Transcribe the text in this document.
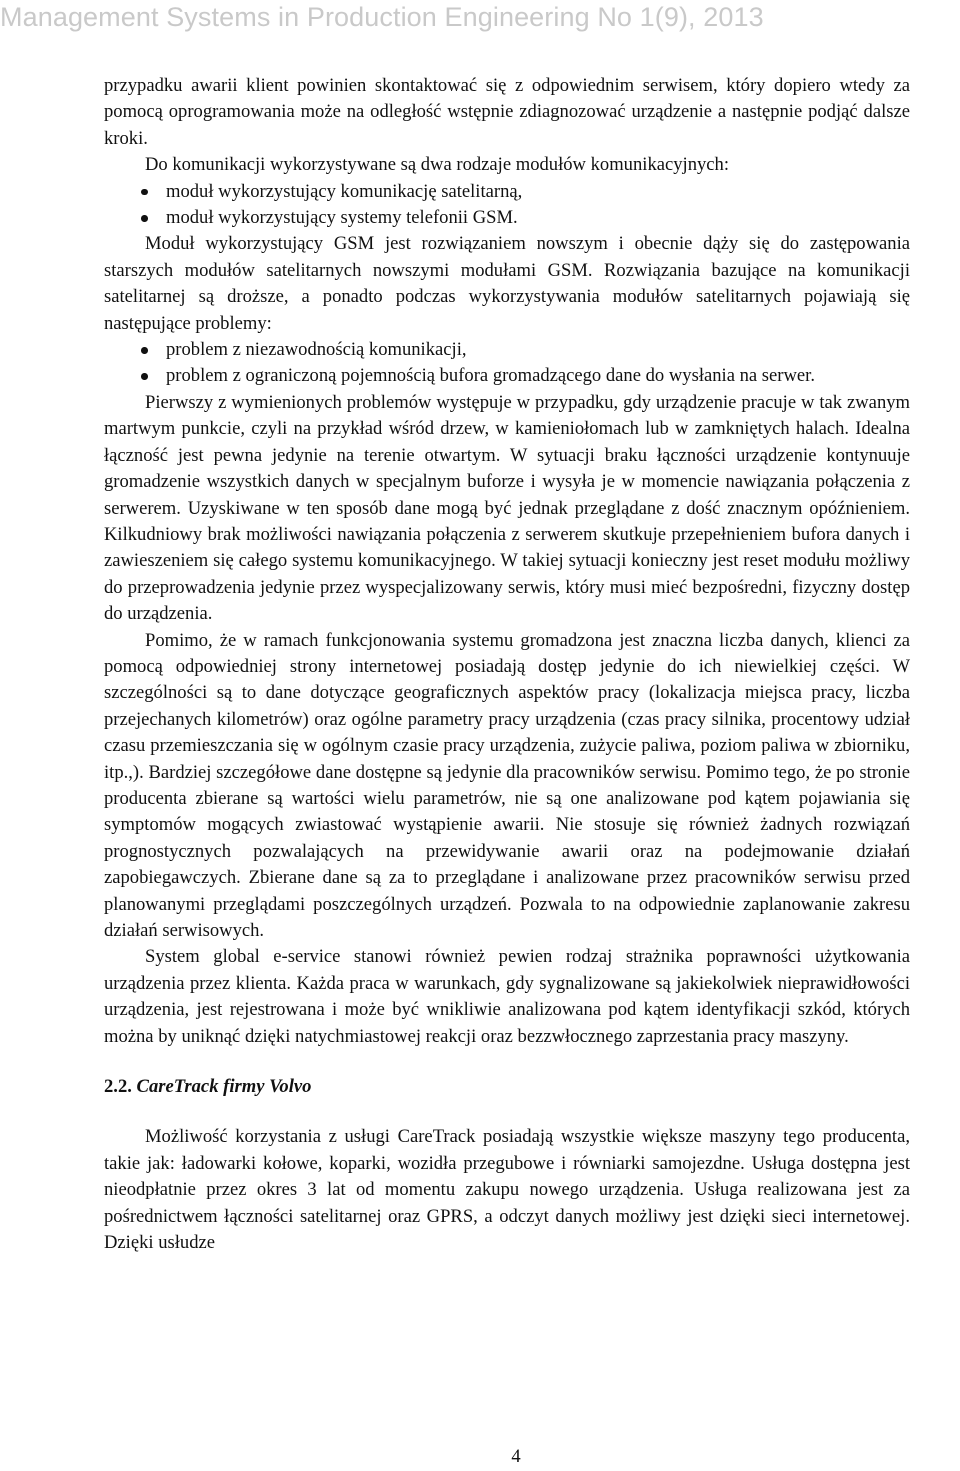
Management Systems in Production Engineering No 1(9), 2013

przypadku awarii klient powinien skontaktować się z odpowiednim serwisem, który dopiero wtedy za pomocą oprogramowania może na odległość wstępnie zdiagnozować urządzenie a następnie podjąć dalsze kroki.

Do komunikacji wykorzystywane są dwa rodzaje modułów komunikacyjnych:

moduł wykorzystujący komunikację satelitarną,
moduł wykorzystujący systemy telefonii GSM.

Moduł wykorzystujący GSM jest rozwiązaniem nowszym i obecnie dąży się do zastępowania starszych modułów satelitarnych nowszymi modułami GSM. Rozwiązania bazujące na komunikacji satelitarnej są droższe, a ponadto podczas wykorzystywania modułów satelitarnych pojawiają się następujące problemy:

problem z niezawodnością komunikacji,
problem z ograniczoną pojemnością bufora gromadzącego dane do wysłania na serwer.

Pierwszy z wymienionych problemów występuje w przypadku, gdy urządzenie pracuje w tak zwanym martwym punkcie, czyli na przykład wśród drzew, w kamieniołomach lub w zamkniętych halach. Idealna łączność jest pewna jedynie na terenie otwartym. W sytuacji braku łączności urządzenie kontynuuje gromadzenie wszystkich danych w specjalnym buforze i wysyła je w momencie nawiązania połączenia z serwerem. Uzyskiwane w ten sposób dane mogą być jednak przeglądane z dość znacznym opóźnieniem. Kilkudniowy brak możliwości nawiązania połączenia z serwerem skutkuje przepełnieniem bufora danych i zawieszeniem się całego systemu komunikacyjnego. W takiej sytuacji konieczny jest reset modułu możliwy do przeprowadzenia jedynie przez wyspecjalizowany serwis, który musi mieć bezpośredni, fizyczny dostęp do urządzenia.

Pomimo, że w ramach funkcjonowania systemu gromadzona jest znaczna liczba danych, klienci za pomocą odpowiedniej strony internetowej posiadają dostęp jedynie do ich niewielkiej części. W szczególności są to dane dotyczące geograficznych aspektów pracy (lokalizacja miejsca pracy, liczba przejechanych kilometrów) oraz ogólne parametry pracy urządzenia (czas pracy silnika, procentowy udział czasu przemieszczania się w ogólnym czasie pracy urządzenia, zużycie paliwa, poziom paliwa w zbiorniku, itp.,). Bardziej szczegółowe dane dostępne są jedynie dla pracowników serwisu. Pomimo tego, że po stronie producenta zbierane są wartości wielu parametrów, nie są one analizowane pod kątem pojawiania się symptomów mogących zwiastować wystąpienie awarii. Nie stosuje się również żadnych rozwiązań prognostycznych pozwalających na przewidywanie awarii oraz na podejmowanie działań zapobiegawczych. Zbierane dane są za to przeglądane i analizowane przez pracowników serwisu przed planowanymi przeglądami poszczególnych urządzeń. Pozwala to na odpowiednie zaplanowanie zakresu działań serwisowych.

System global e-service stanowi również pewien rodzaj strażnika poprawności użytkowania urządzenia przez klienta. Każda praca w warunkach, gdy sygnalizowane są jakiekolwiek nieprawidłowości urządzenia, jest rejestrowana i może być wnikliwie analizowana pod kątem identyfikacji szkód, których można by uniknąć dzięki natychmiastowej reakcji oraz bezzwłocznego zaprzestania pracy maszyny.

2.2. CareTrack firmy Volvo

Możliwość korzystania z usługi CareTrack posiadają wszystkie większe maszyny tego producenta, takie jak: ładowarki kołowe, koparki, wozidła przegubowe i równiarki samojezdne. Usługa dostępna jest nieodpłatnie przez okres 3 lat od momentu zakupu nowego urządzenia. Usługa realizowana jest za pośrednictwem łączności satelitarnej oraz GPRS, a odczyt danych możliwy jest dzięki sieci internetowej. Dzięki usłudze

4
